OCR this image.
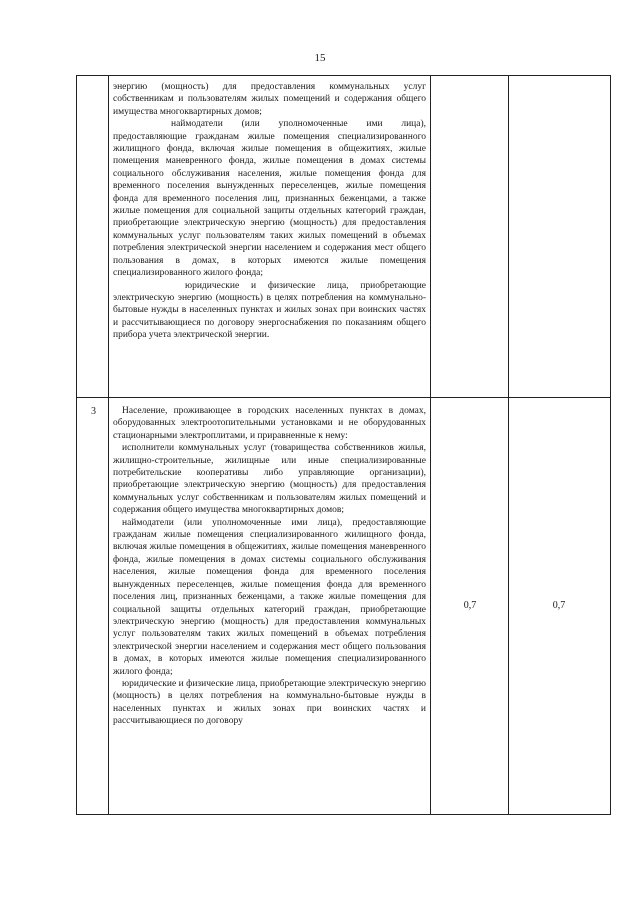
15

энергию (мощность) для предоставления коммунальных услуг собственникам и пользователям жилых помещений и содержания общего имущества многоквартирных домов;

наймодатели (или уполномоченные ими лица), предоставляющие гражданам жилые помещения специализированного жилищного фонда, включая жилые помещения в общежитиях, жилые помещения маневренного фонда, жилые помещения в домах системы социального обслуживания населения, жилые помещения фонда для временного поселения вынужденных переселенцев, жилые помещения фонда для временного поселения лиц, признанных беженцами, а также жилые помещения для социальной защиты отдельных категорий граждан, приобретающие электрическую энергию (мощность) для предоставления коммунальных услуг пользователям таких жилых помещений в объемах потребления электрической энергии населением и содержания мест общего пользования в домах, в которых имеются жилые помещения специализированного жилого фонда;

юридические и физические лица, приобретающие электрическую энергию (мощность) в целях потребления на коммунально-бытовые нужды в населенных пунктах и жилых зонах при воинских частях и рассчитывающиеся по договору энергоснабжения по показаниям общего прибора учета электрической энергии.

3	Население, проживающее в городских населенных пунктах в домах, оборудованных электроотопительными установками и не оборудованных стационарными электроплитами, и приравненные к нему:

исполнители коммунальных услуг (товарищества собственников жилья, жилищно-строительные, жилищные или иные специализированные потребительские кооперативы либо управляющие организации), приобретающие электрическую энергию (мощность) для предоставления коммунальных услуг собственникам и пользователям жилых помещений и содержания общего имущества многоквартирных домов;

наймодатели (или уполномоченные ими лица), предоставляющие гражданам жилые помещения специализированного жилищного фонда, включая жилые помещения в общежитиях, жилые помещения маневренного фонда, жилые помещения в домах системы социального обслуживания населения, жилые помещения фонда для временного поселения вынужденных переселенцев, жилые помещения фонда для временного поселения лиц, признанных беженцами, а также жилые помещения для социальной защиты отдельных категорий граждан, приобретающие электрическую энергию (мощность) для предоставления коммунальных услуг пользователям таких жилых помещений в объемах потребления электрической энергии населением и содержания мест общего пользования в домах, в которых имеются жилые помещения специализированного жилого фонда;

юридические и физические лица, приобретающие электрическую энергию (мощность) в целях потребления на коммунально-бытовые нужды в населенных пунктах и жилых зонах при воинских частях и рассчитывающиеся по договору

0,7	0,7
